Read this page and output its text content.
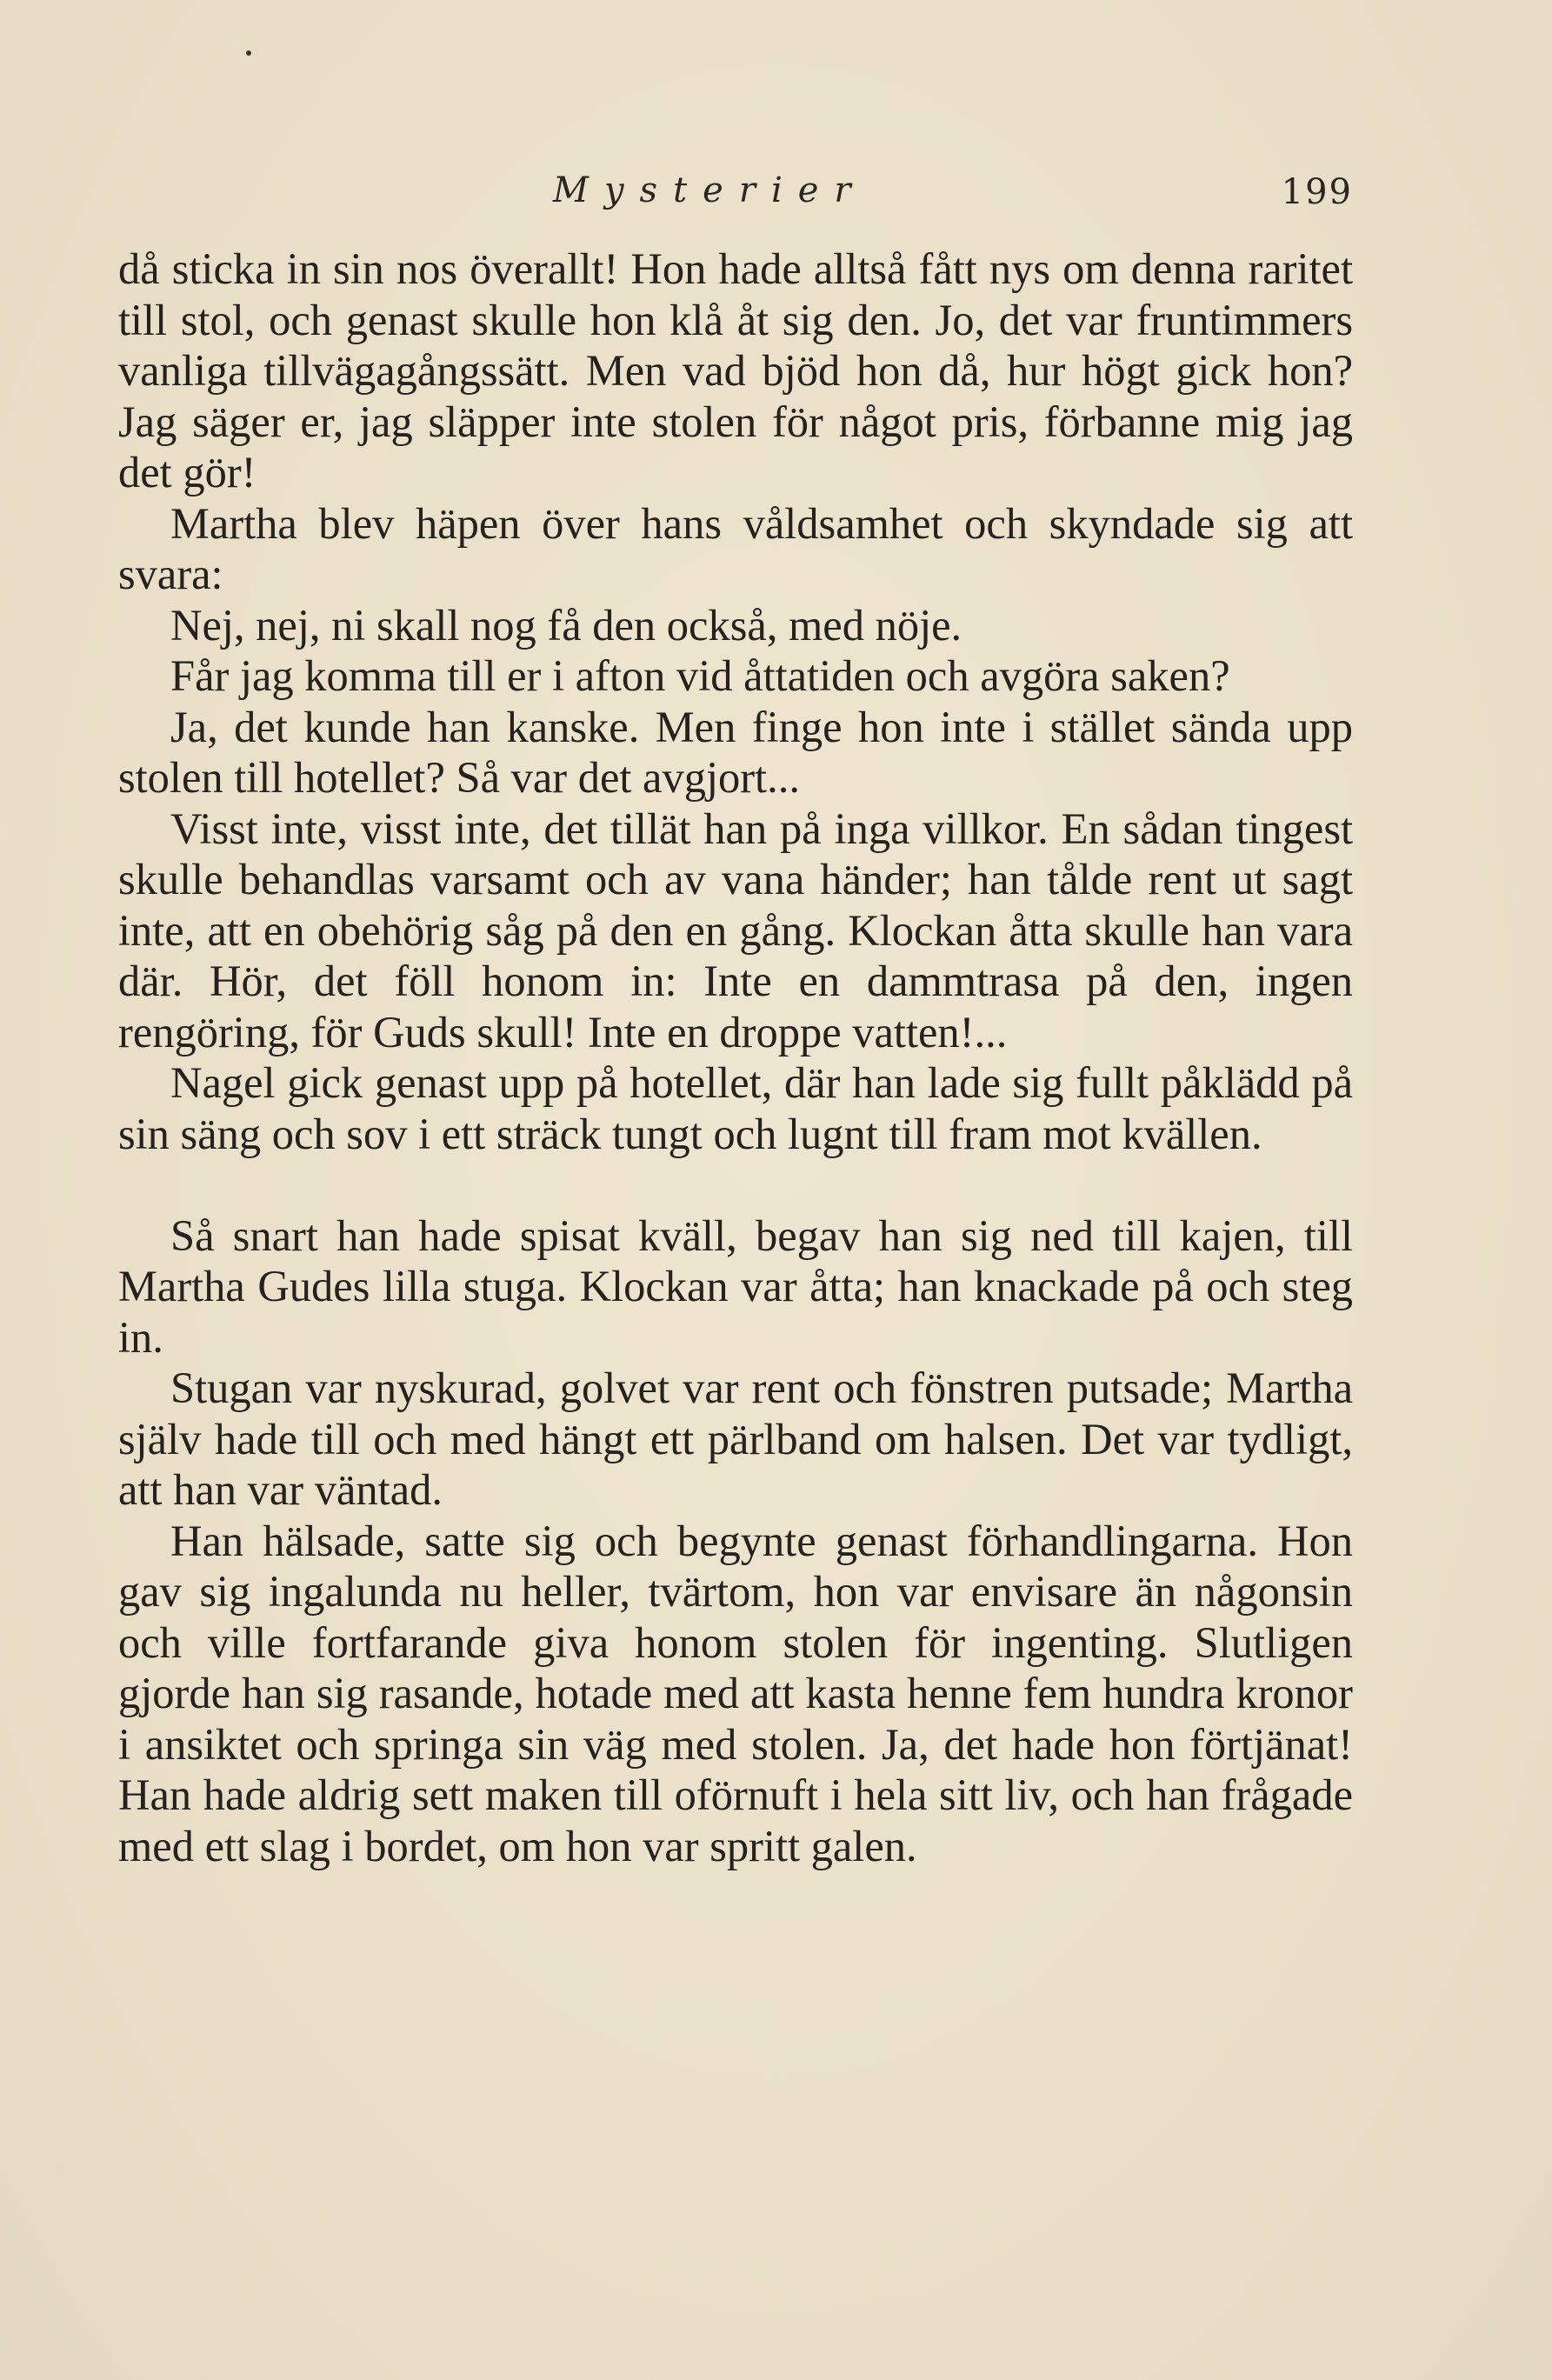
Mysterier	199

då sticka in sin nos överallt! Hon hade alltså fått nys om denna raritet till stol, och genast skulle hon klå åt sig den. Jo, det var fruntimmers vanliga tillvägagångssätt. Men vad bjöd hon då, hur högt gick hon? Jag säger er, jag släpper inte stolen för något pris, förbanne mig jag det gör!

Martha blev häpen över hans våldsamhet och skyndade sig att svara:

Nej, nej, ni skall nog få den också, med nöje.

Får jag komma till er i afton vid åttatiden och avgöra saken?

Ja, det kunde han kanske. Men finge hon inte i stället sända upp stolen till hotellet? Så var det avgjort...

Visst inte, visst inte, det tillät han på inga villkor. En sådan tingest skulle behandlas varsamt och av vana händer; han tålde rent ut sagt inte, att en obehörig såg på den en gång. Klockan åtta skulle han vara där. Hör, det föll honom in: Inte en dammtrasa på den, ingen rengöring, för Guds skull! Inte en droppe vatten!...

Nagel gick genast upp på hotellet, där han lade sig fullt påklädd på sin säng och sov i ett sträck tungt och lugnt till fram mot kvällen.

Så snart han hade spisat kväll, begav han sig ned till kajen, till Martha Gudes lilla stuga. Klockan var åtta; han knackade på och steg in.

Stugan var nyskurad, golvet var rent och fönstren putsade; Martha själv hade till och med hängt ett pärlband om halsen. Det var tydligt, att han var väntad.

Han hälsade, satte sig och begynte genast förhandlingarna. Hon gav sig ingalunda nu heller, tvärtom, hon var envisare än någonsin och ville fortfarande giva honom stolen för ingenting. Slutligen gjorde han sig rasande, hotade med att kasta henne fem hundra kronor i ansiktet och springa sin väg med stolen. Ja, det hade hon förtjänat! Han hade aldrig sett maken till oförnuft i hela sitt liv, och han frågade med ett slag i bordet, om hon var spritt galen.
